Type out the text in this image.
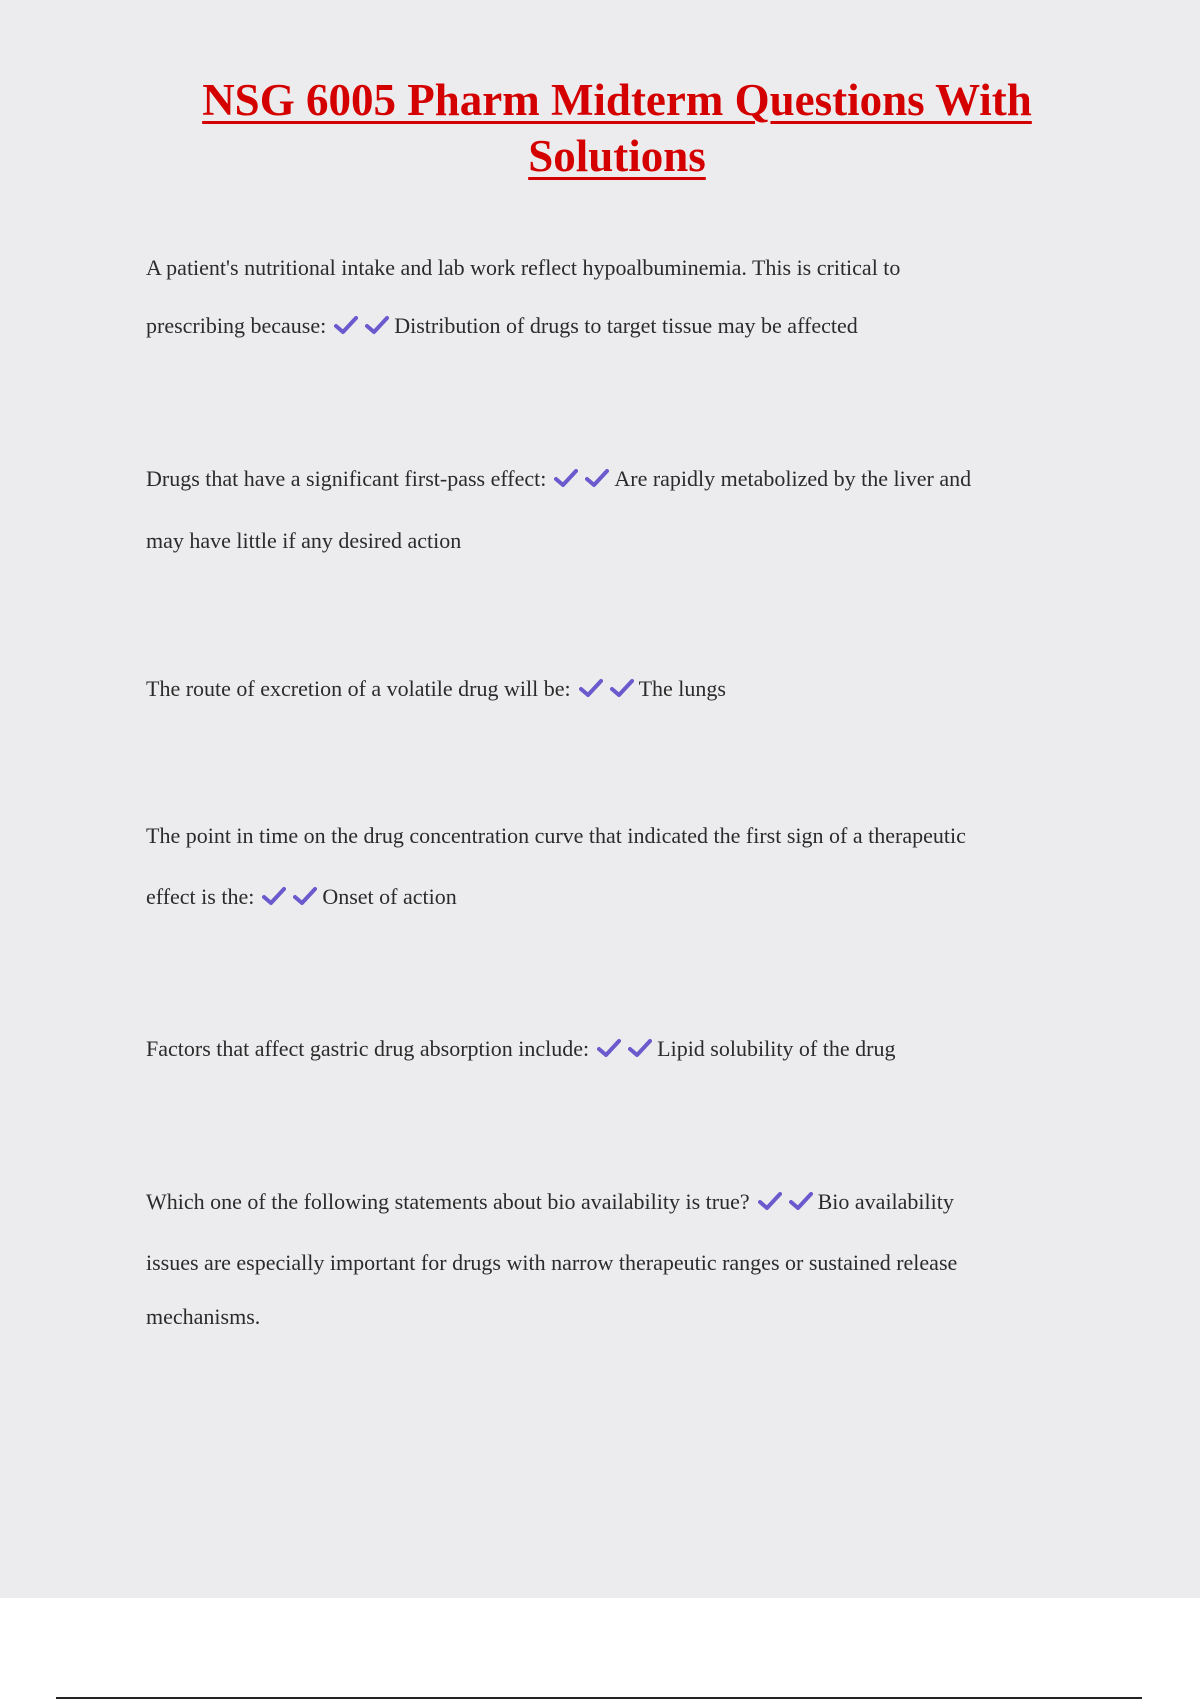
NSG 6005 Pharm Midterm Questions With
Solutions
A patient's nutritional intake and lab work reflect hypoalbuminemia. This is critical to
prescribing because:	Distribution of drugs to target tissue may be affected
Drugs that have a significant first-pass effect:	Are rapidly metabolized by the liver and
may have little if any desired action
The route of excretion of a volatile drug will be:	The lungs
The point in time on the drug concentration curve that indicated the first sign of a therapeutic
effect is the:	Onset of action
Factors that affect gastric drug absorption include:	Lipid solubility of the drug
Which one of the following statements about bio availability is true?	Bio availability
issues are especially important for drugs with narrow therapeutic ranges or sustained release
mechanisms.
